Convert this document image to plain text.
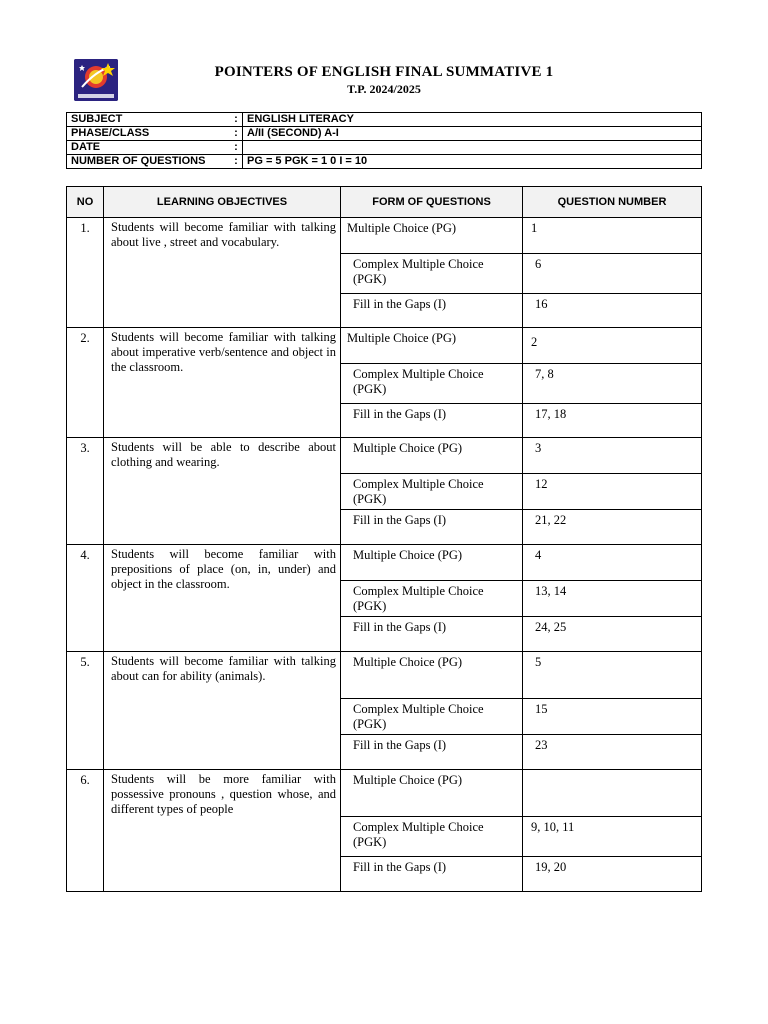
POINTERS OF ENGLISH FINAL SUMMATIVE 1
T.P. 2024/2025
SUBJECT	:	ENGLISH LITERACY
PHASE/CLASS	:	A/II (SECOND) A-I
DATE	:	
NUMBER OF QUESTIONS	:	PG = 5 PGK = 1 0 I = 10
NO	LEARNING OBJECTIVES	FORM OF QUESTIONS	QUESTION NUMBER
1.	Students will become familiar with talking about live , street and vocabulary.	Multiple Choice (PG)	1

		Complex Multiple Choice (PGK)	6

		Fill in the Gaps (I)	16

2.	Students will become familiar with talking about imperative verb/sentence and object in the classroom.	Multiple Choice (PG)	2

		Complex Multiple Choice (PGK)	7, 8

		Fill in the Gaps (I)	17, 18

3.	Students will be able to describe about clothing and wearing.	Multiple Choice (PG)	3

		Complex Multiple Choice (PGK)	12

		Fill in the Gaps (I)	21, 22

4.	Students will become familiar with prepositions of place (on, in, under) and object in the classroom.	Multiple Choice (PG)	4

		Complex Multiple Choice (PGK)	13, 14

		Fill in the Gaps (I)	24, 25

5.	Students will become familiar with talking about can for ability (animals).	Multiple Choice (PG)	5

		Complex Multiple Choice (PGK)	15

		Fill in the Gaps (I)	23

6.	Students will be more familiar with possessive pronouns , question whose, and different types of people	Multiple Choice (PG)	

		Complex Multiple Choice (PGK)	9, 10, 11

		Fill in the Gaps (I)	19, 20
